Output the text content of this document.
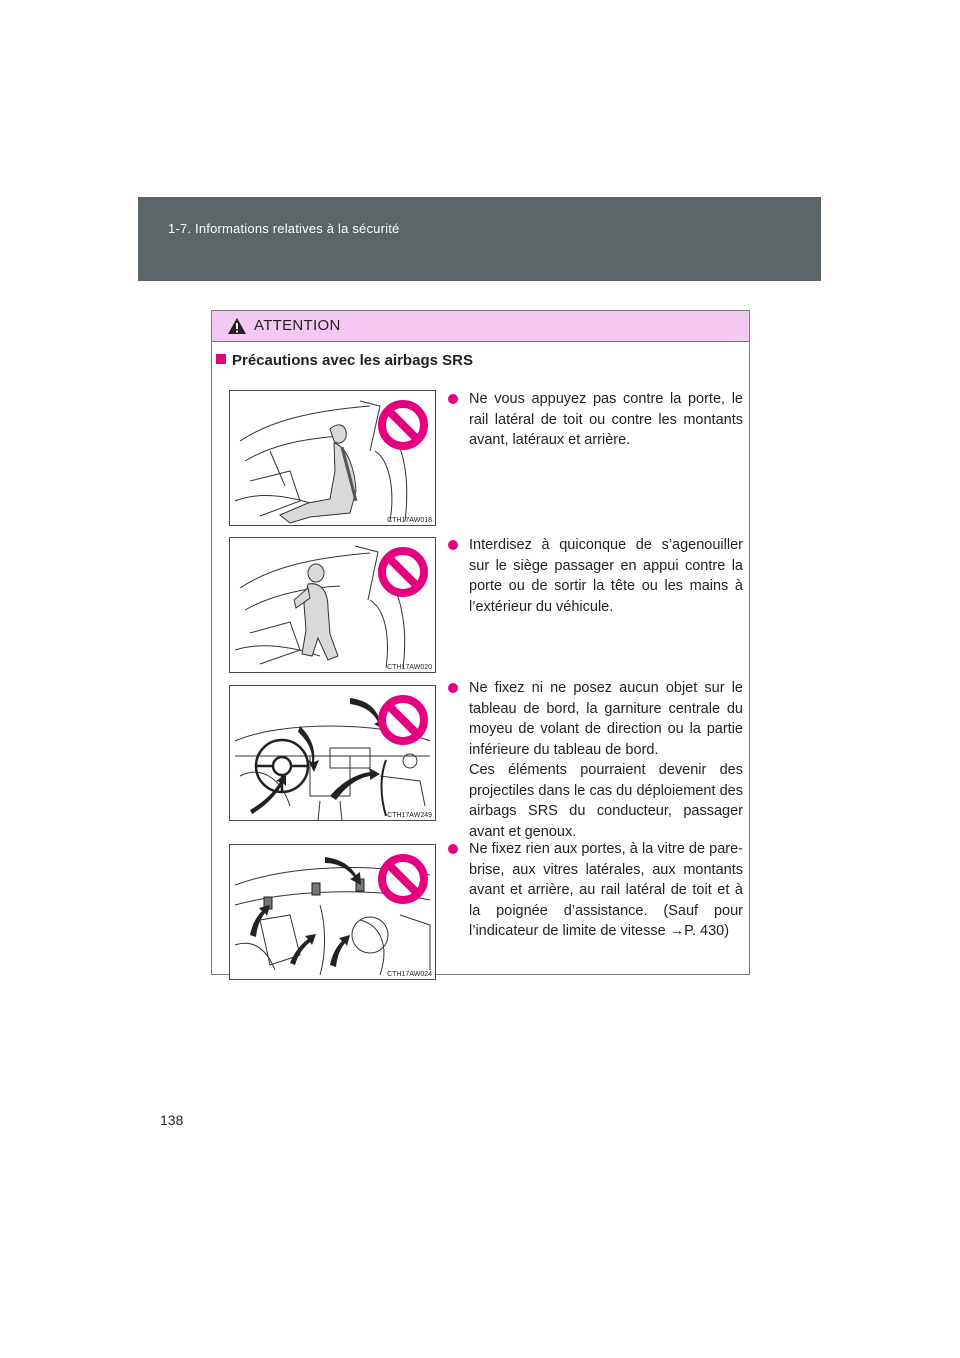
1-7. Informations relatives à la sécurité
ATTENTION
Précautions avec les airbags SRS
CTH17AW018
Ne vous appuyez pas contre la porte, le rail latéral de toit ou contre les montants avant, latéraux et arrière.
CTH17AW020
Interdisez à quiconque de s’agenouiller sur le siège passager en appui contre la porte ou de sortir la tête ou les mains à l’extérieur du véhicule.
CTH17AW249
Ne fixez ni ne posez aucun objet sur le tableau de bord, la garniture centrale du moyeu de volant de direction ou la partie inférieure du tableau de bord.
Ces éléments pourraient devenir des projectiles dans le cas du déploiement des airbags SRS du conducteur, passager avant et genoux.
CTH17AW024
Ne fixez rien aux portes, à la vitre de pare-brise, aux vitres latérales, aux montants avant et arrière, au rail latéral de toit et à la poignée d’assistance. (Sauf pour l’indicateur de limite de vitesse →P. 430)
138
